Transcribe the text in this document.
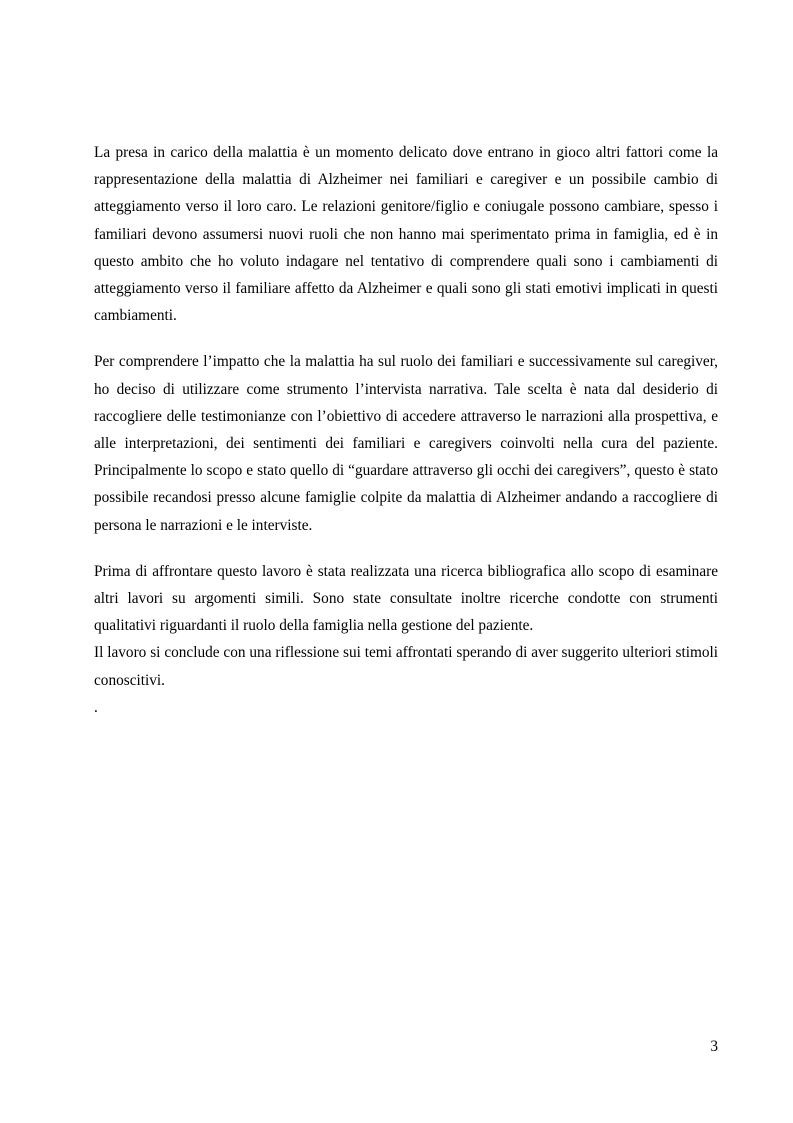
La presa in carico della malattia è un momento delicato dove entrano in gioco altri fattori come la rappresentazione della malattia di Alzheimer nei familiari e caregiver e un possibile cambio di atteggiamento verso il loro caro. Le relazioni genitore/figlio e coniugale possono cambiare, spesso i familiari devono assumersi nuovi ruoli che non hanno mai sperimentato prima in famiglia, ed è in questo ambito che ho voluto indagare nel tentativo di comprendere quali sono i cambiamenti di atteggiamento verso il familiare affetto da Alzheimer e quali sono gli stati emotivi implicati in questi cambiamenti.

Per comprendere l’impatto che la malattia ha sul ruolo dei familiari e successivamente sul caregiver, ho deciso di utilizzare come strumento l’intervista narrativa. Tale scelta è nata dal desiderio di raccogliere delle testimonianze con l’obiettivo di accedere attraverso le narrazioni alla prospettiva, e alle interpretazioni, dei sentimenti dei familiari e caregivers coinvolti nella cura del paziente. Principalmente lo scopo e stato quello di “guardare attraverso gli occhi dei caregivers”, questo è stato possibile recandosi presso alcune famiglie colpite da malattia di Alzheimer andando a raccogliere di persona le narrazioni e le interviste.

Prima di affrontare questo lavoro è stata realizzata una ricerca bibliografica allo scopo di esaminare altri lavori su argomenti simili. Sono state consultate inoltre ricerche condotte con strumenti qualitativi riguardanti il ruolo della famiglia nella gestione del paziente.

Il lavoro si conclude con una riflessione sui temi affrontati sperando di aver suggerito ulteriori stimoli conoscitivi.

.

3
